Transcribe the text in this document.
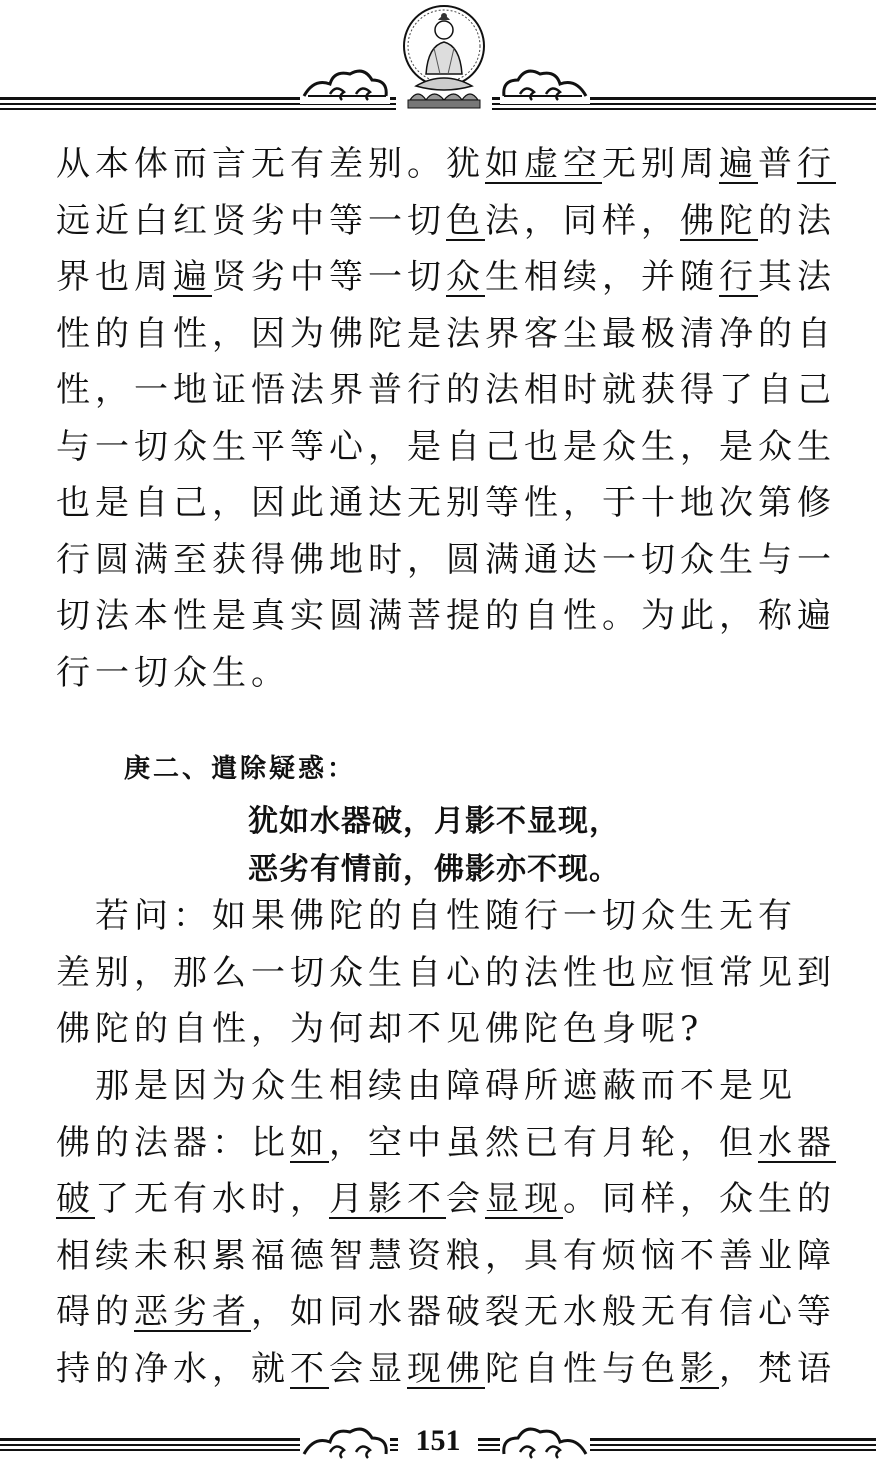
从本体而言无有差别。犹如虚空无别周遍普行
远近白红贤劣中等一切色法，同样，佛陀的法
界也周遍贤劣中等一切众生相续，并随行其法
性的自性，因为佛陀是法界客尘最极清净的自
性，一地证悟法界普行的法相时就获得了自己
与一切众生平等心，是自己也是众生，是众生
也是自己，因此通达无别等性，于十地次第修
行圆满至获得佛地时，圆满通达一切众生与一
切法本性是真实圆满菩提的自性。为此，称遍
行一切众生。

庚二、遣除疑惑：

犹如水器破，月影不显现，

恶劣有情前，佛影亦不现。

　若问：如果佛陀的自性随行一切众生无有
差别，那么一切众生自心的法性也应恒常见到
佛陀的自性，为何却不见佛陀色身呢?
　那是因为众生相续由障碍所遮蔽而不是见
佛的法器：比如，空中虽然已有月轮，但水器
破了无有水时，月影不会显现。同样，众生的
相续未积累福德智慧资粮，具有烦恼不善业障
碍的恶劣者，如同水器破裂无水般无有信心等
持的净水，就不会显现佛陀自性与色影，梵语
151
